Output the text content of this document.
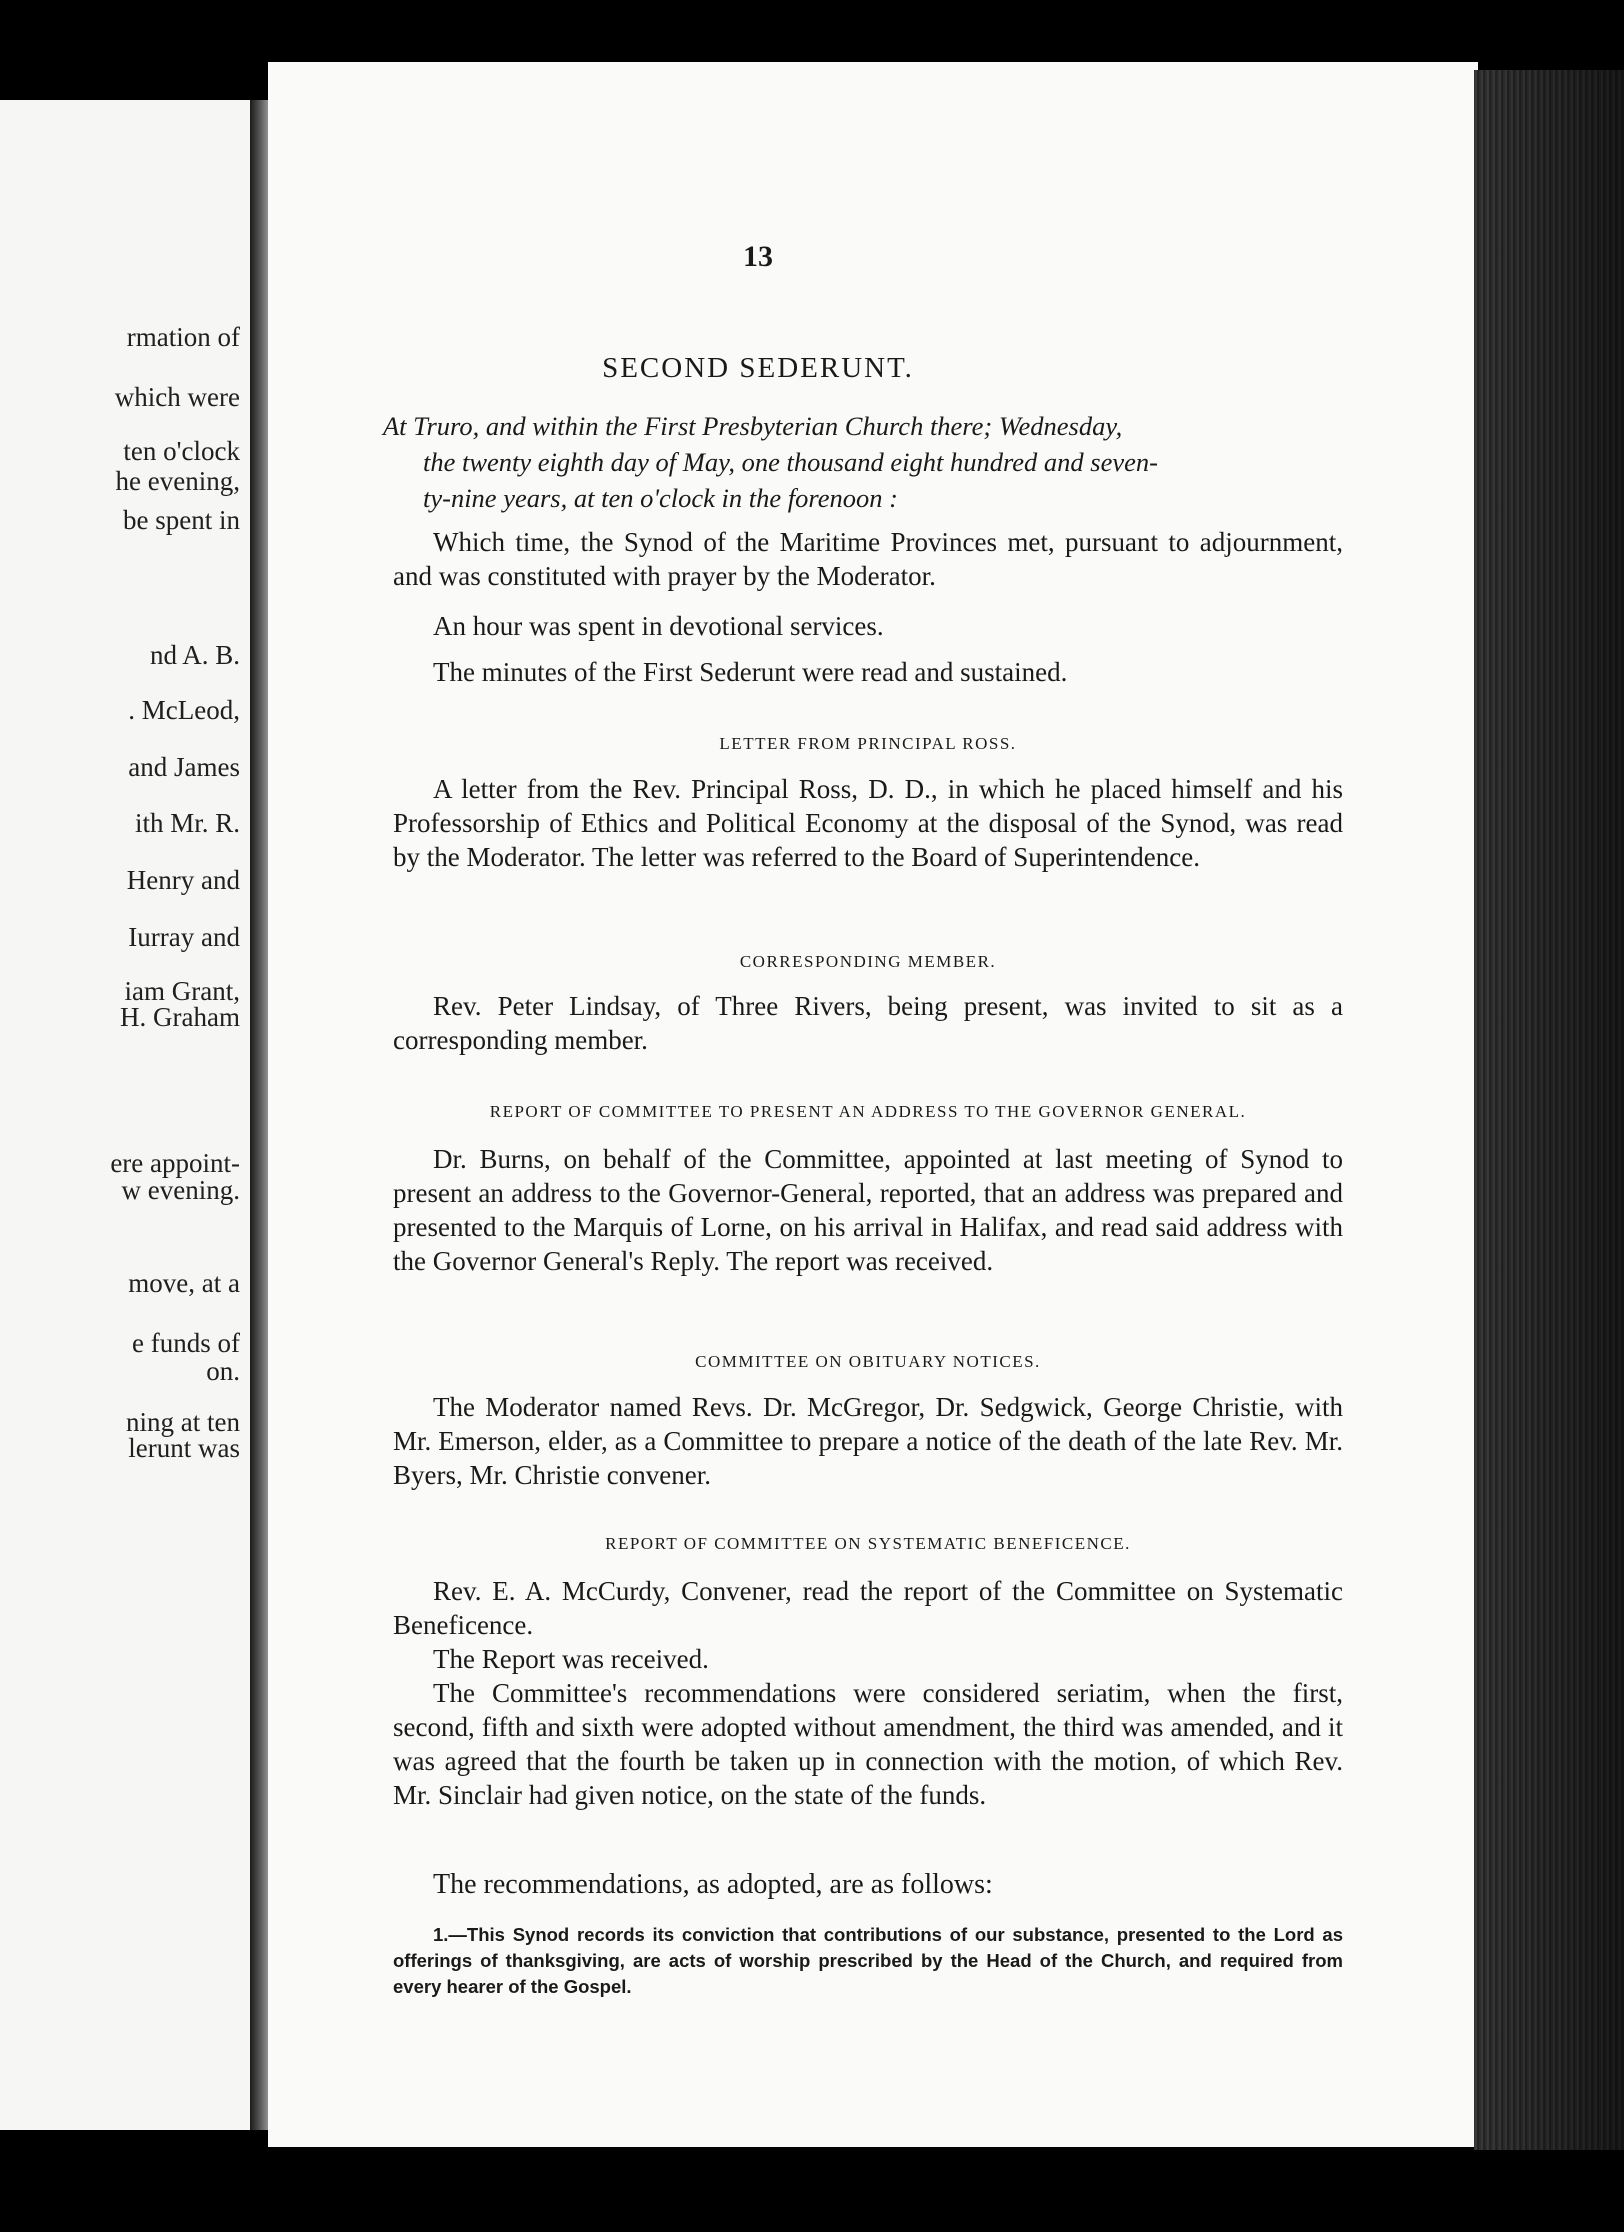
rmation of
which were
ten o'clock
he evening,
be spent in
nd A. B.
. McLeod,
and James
ith Mr. R.
Henry and
Iurray and
iam Grant,
H. Graham
ere appoint-
w evening.
move, at a
e funds of
on.
ning at ten
lerunt was
13
SECOND SEDERUNT.
At Truro, and within the First Presbyterian Church there; Wednesday,
the twenty eighth day of May, one thousand eight hundred and seven-
ty-nine years, at ten o'clock in the forenoon :

Which time, the Synod of the Maritime Provinces met, pursuant to adjournment, and was constituted with prayer by the Moderator.

An hour was spent in devotional services.

The minutes of the First Sederunt were read and sustained.

LETTER FROM PRINCIPAL ROSS.

A letter from the Rev. Principal Ross, D. D., in which he placed himself and his Professorship of Ethics and Political Economy at the disposal of the Synod, was read by the Moderator. The letter was referred to the Board of Superintendence.

CORRESPONDING MEMBER.

Rev. Peter Lindsay, of Three Rivers, being present, was invited to sit as a corresponding member.

REPORT OF COMMITTEE TO PRESENT AN ADDRESS TO THE GOVERNOR GENERAL.

Dr. Burns, on behalf of the Committee, appointed at last meeting of Synod to present an address to the Governor-General, reported, that an address was prepared and presented to the Marquis of Lorne, on his arrival in Halifax, and read said address with the Governor General's Reply. The report was received.

COMMITTEE ON OBITUARY NOTICES.

The Moderator named Revs. Dr. McGregor, Dr. Sedgwick, George Christie, with Mr. Emerson, elder, as a Committee to prepare a notice of the death of the late Rev. Mr. Byers, Mr. Christie convener.

REPORT OF COMMITTEE ON SYSTEMATIC BENEFICENCE.

Rev. E. A. McCurdy, Convener, read the report of the Committee on Systematic Beneficence.

The Report was received.

The Committee's recommendations were considered seriatim, when the first, second, fifth and sixth were adopted without amendment, the third was amended, and it was agreed that the fourth be taken up in connection with the motion, of which Rev. Mr. Sinclair had given notice, on the state of the funds.

The recommendations, as adopted, are as follows:

1.—This Synod records its conviction that contributions of our substance, presented to the Lord as offerings of thanksgiving, are acts of worship prescribed by the Head of the Church, and required from every hearer of the Gospel.
